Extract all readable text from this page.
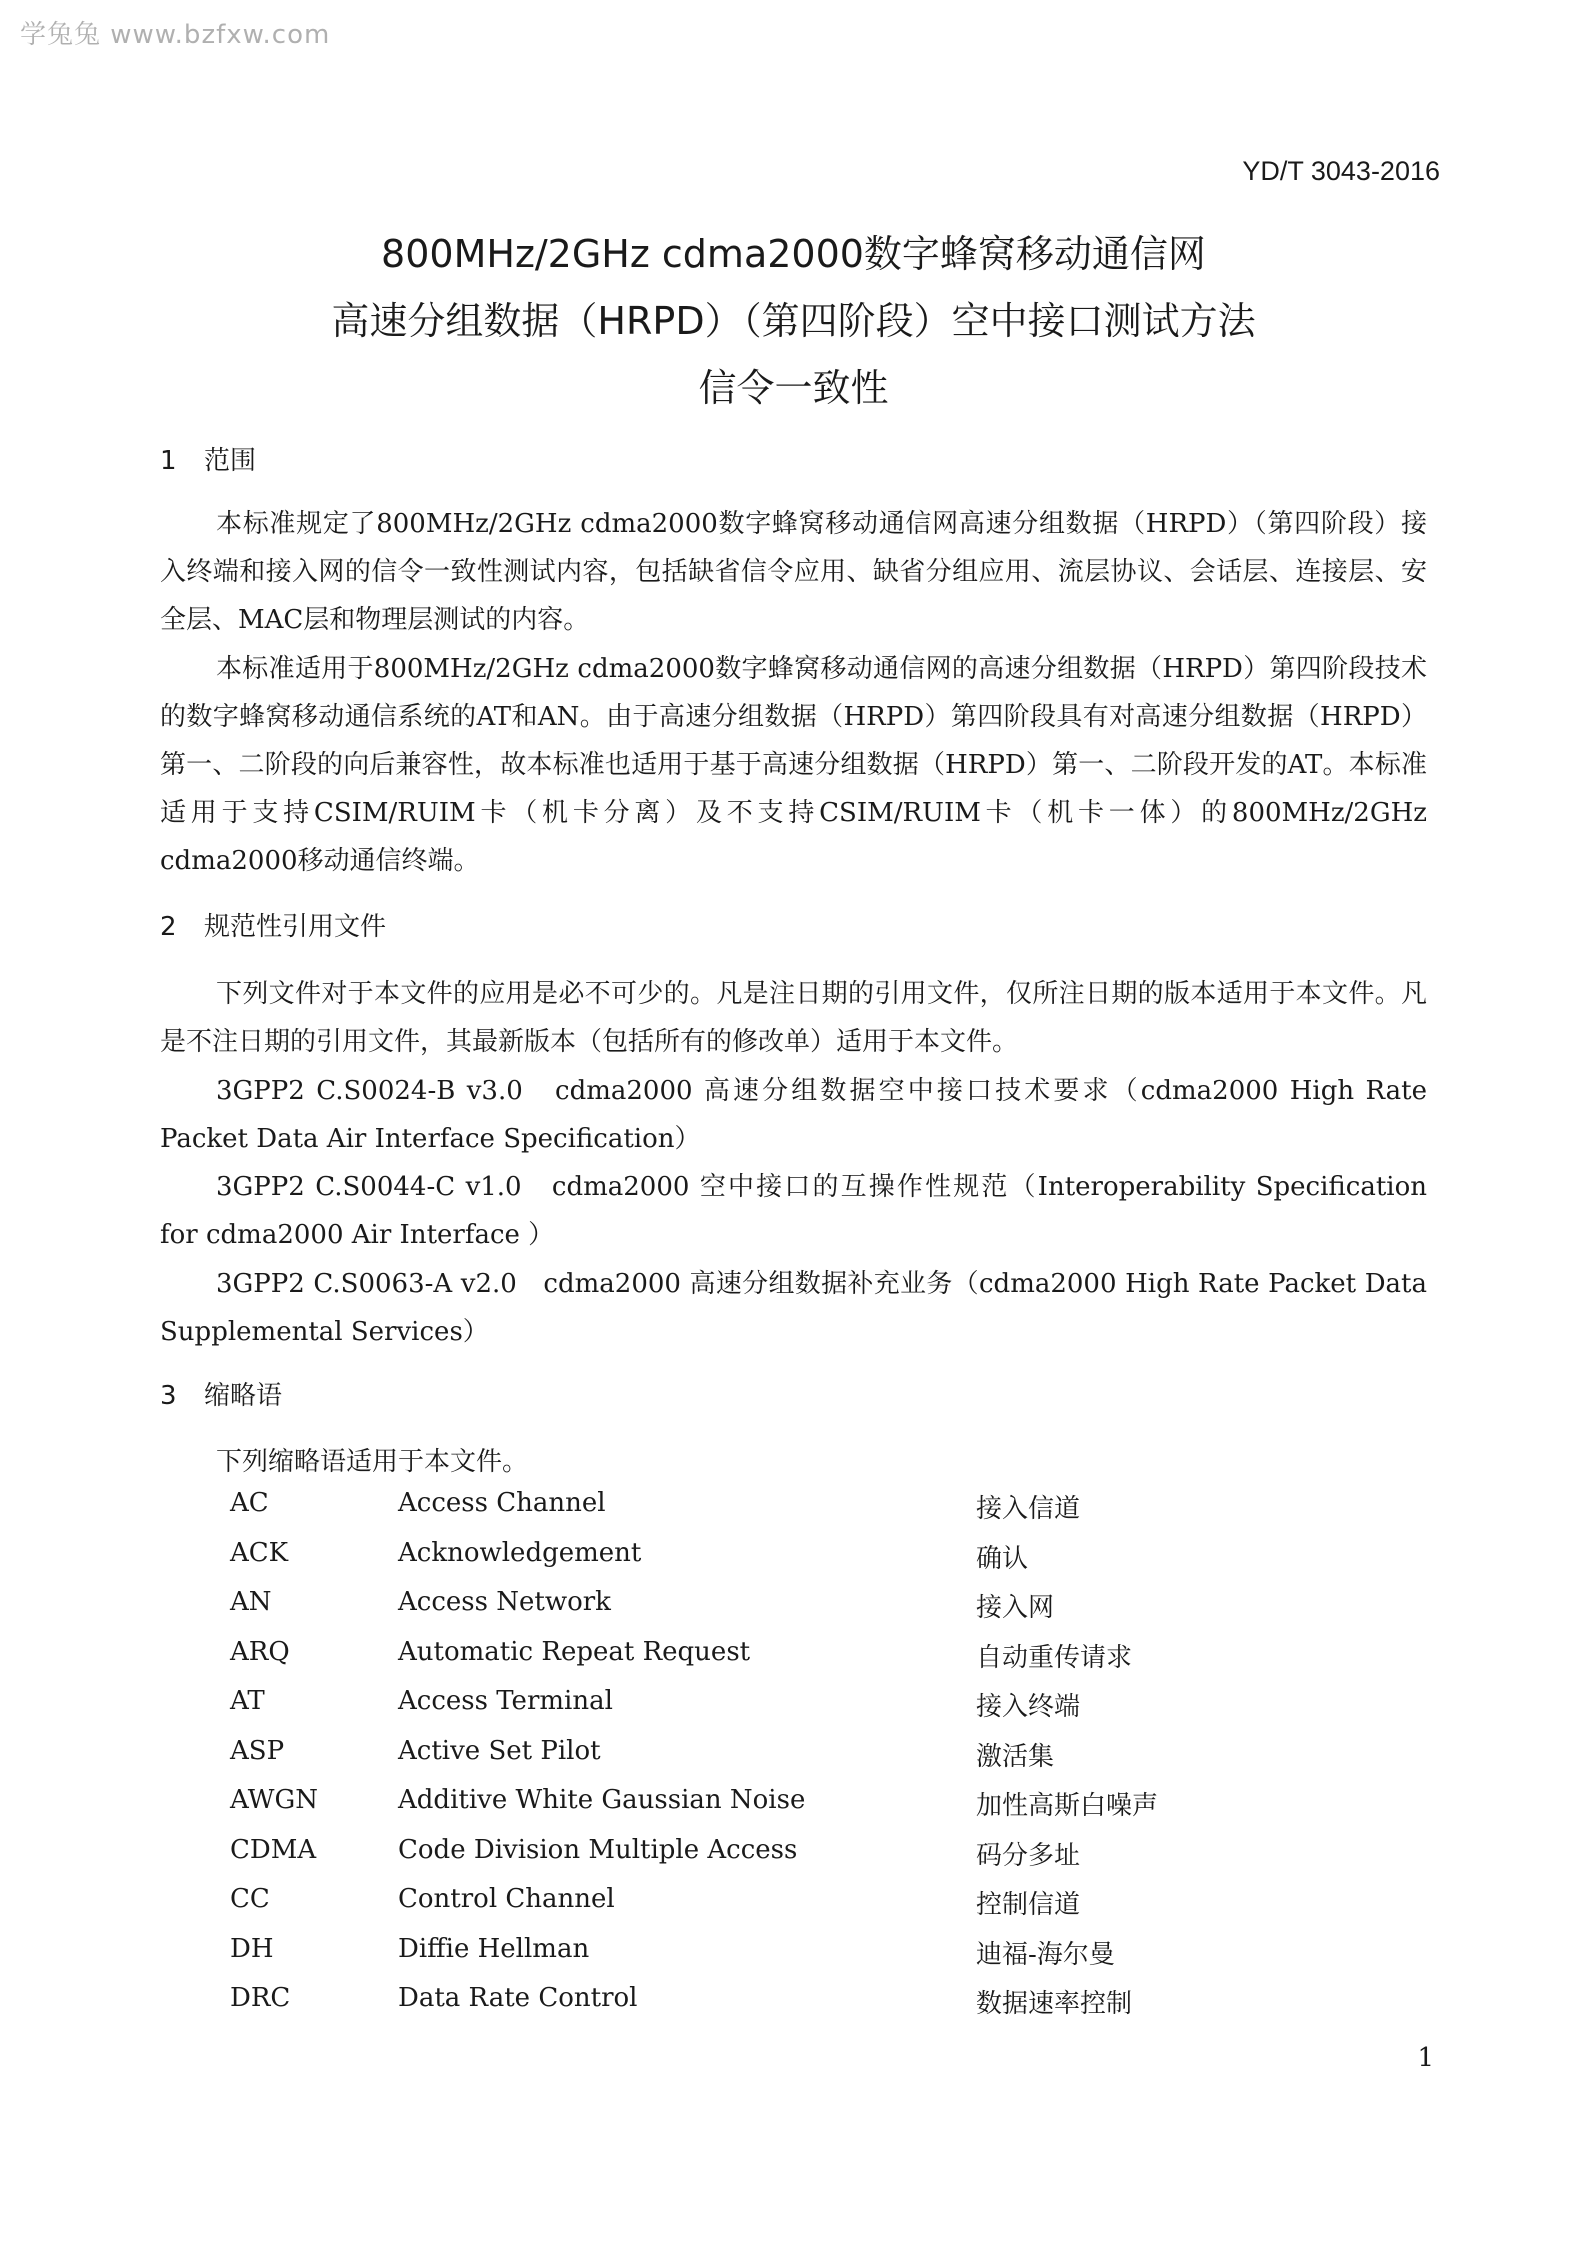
学兔兔 www.bzfxw.com
YD/T 3043-2016
800MHz/2GHz cdma2000数字蜂窝移动通信网
高速分组数据（HRPD）（第四阶段）空中接口测试方法
信令一致性
1 范围
本标准规定了800MHz/2GHz cdma2000数字蜂窝移动通信网高速分组数据（HRPD）（第四阶段）接入终端和接入网的信令一致性测试内容，包括缺省信令应用、缺省分组应用、流层协议、会话层、连接层、安全层、MAC层和物理层测试的内容。
本标准适用于800MHz/2GHz cdma2000数字蜂窝移动通信网的高速分组数据（HRPD）第四阶段技术的数字蜂窝移动通信系统的AT和AN。由于高速分组数据（HRPD）第四阶段具有对高速分组数据（HRPD）第一、二阶段的向后兼容性，故本标准也适用于基于高速分组数据（HRPD）第一、二阶段开发的AT。本标准适用于支持CSIM/RUIM卡（机卡分离）及不支持CSIM/RUIM卡（机卡一体）的800MHz/2GHz cdma2000移动通信终端。
2 规范性引用文件
下列文件对于本文件的应用是必不可少的。凡是注日期的引用文件，仅所注日期的版本适用于本文件。凡是不注日期的引用文件，其最新版本（包括所有的修改单）适用于本文件。
3GPP2 C.S0024-B v3.0　cdma2000 高速分组数据空中接口技术要求（cdma2000 High Rate Packet Data Air Interface Specification）
3GPP2 C.S0044-C v1.0　cdma2000 空中接口的互操作性规范（Interoperability Specification for cdma2000 Air Interface ）
3GPP2 C.S0063-A v2.0　cdma2000 高速分组数据补充业务（cdma2000 High Rate Packet Data Supplemental Services）
3 缩略语
下列缩略语适用于本文件。
AC	Access Channel	接入信道
ACK	Acknowledgement	确认
AN	Access Network	接入网
ARQ	Automatic Repeat Request	自动重传请求
AT	Access Terminal	接入终端
ASP	Active Set Pilot	激活集
AWGN	Additive White Gaussian Noise	加性高斯白噪声
CDMA	Code Division Multiple Access	码分多址
CC	Control Channel	控制信道
DH	Diffie Hellman	迪福-海尔曼
DRC	Data Rate Control	数据速率控制
1
